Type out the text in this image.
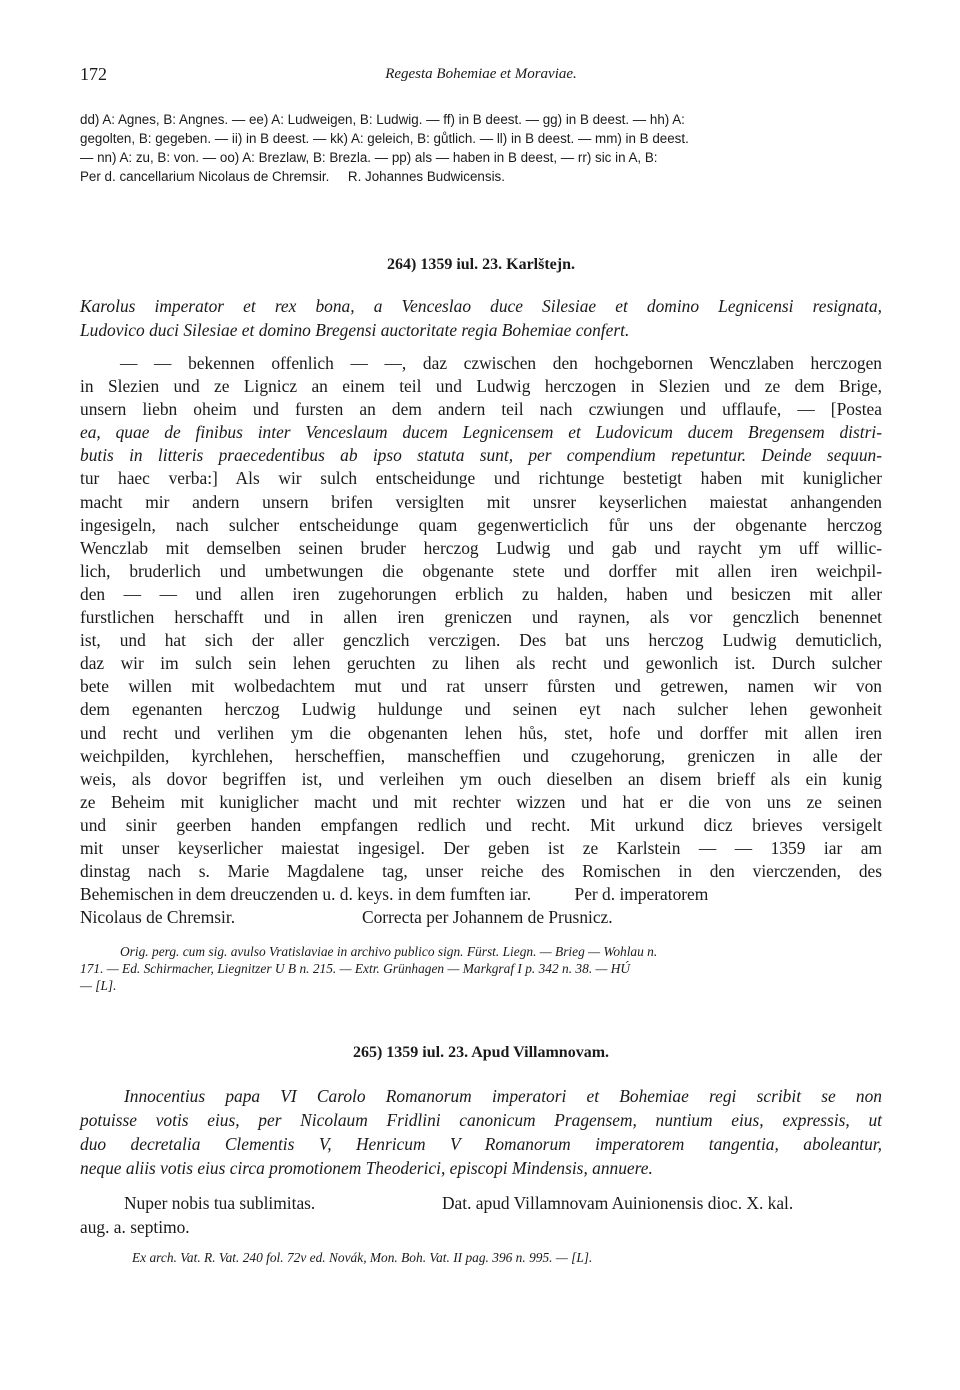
172	Regesta Bohemiae et Moraviae.
dd) A: Agnes, B: Angnes. — ee) A: Ludweigen, B: Ludwig. — ff) in B deest. — gg) in B deest. — hh) A:
gegolten, B: gegeben. — ii) in B deest. — kk) A: geleich, B: gůtlich. — ll) in B deest. — mm) in B deest.
— nn) A: zu, B: von. — oo) A: Brezlaw, B: Brezla. — pp) als — haben in B deest, — rr) sic in A, B:
Per d. cancellarium Nicolaus de Chremsir.     R. Johannes Budwicensis.
264) 1359 iul. 23. Karlštejn.
Karolus imperator et rex bona, a Venceslao duce Silesiae et domino Legnicensi resignata,
Ludovico duci Silesiae et domino Bregensi auctoritate regia Bohemiae confert.
— — bekennen offenlich — —, daz czwischen den hochgebornen Wenczlaben herczogen
in Slezien und ze Lignicz an einem teil und Ludwig herczogen in Slezien und ze dem Brige,
unsern liebn oheim und fursten an dem andern teil nach czwiungen und ufflaufe, — [Postea
ea, quae de finibus inter Venceslaum ducem Legnicensem et Ludovicum ducem Bregensem distri-
butis in litteris praecedentibus ab ipso statuta sunt, per compendium repetuntur. Deinde sequun-
tur haec verba:] Als wir sulch entscheidunge und richtunge bestetigt haben mit kuniglicher
macht mir andern unsern brifen versiglten mit unsrer keyserlichen maiestat anhangenden
ingesigeln, nach sulcher entscheidunge quam gegenwerticlich fůr uns der obgenante herczog
Wenczlab mit demselben seinen bruder herczog Ludwig und gab und raycht ym uff willic-
lich, bruderlich und umbetwungen die obgenante stete und dorffer mit allen iren weichpil-
den — — und allen iren zugehorungen erblich zu halden, haben und besiczen mit aller
furstlichen herschafft und in allen iren greniczen und raynen, als vor genczlich benennet
ist, und hat sich der aller genczlich verczigen. Des bat uns herczog Ludwig demuticlich,
daz wir im sulch sein lehen geruchten zu lihen als recht und gewonlich ist. Durch sulcher
bete willen mit wolbedachtem mut und rat unserr fůrsten und getrewen, namen wir von
dem egenanten herczog Ludwig huldunge und seinen eyt nach sulcher lehen gewonheit
und recht und verlihen ym die obgenanten lehen hůs, stet, hofe und dorffer mit allen iren
weichpilden, kyrchlehen, herscheffien, manscheffien und czugehorung, greniczen in alle der
weis, als dovor begriffen ist, und verleihen ym ouch dieselben an disem brieff als ein kunig
ze Beheim mit kuniglicher macht und mit rechter wizzen und hat er die von uns ze seinen
und sinir geerben handen empfangen redlich und recht. Mit urkund dicz brieves versigelt
mit unser keyserlicher maiestat ingesigel. Der geben ist ze Karlstein — — 1359 iar am
dinstag nach s. Marie Magdalene tag, unser reiche des Romischen in den vierczenden, des
Behemischen in dem dreuczenden u. d. keys. in dem fumften iar.          Per d. imperatorem
Nicolaus de Chremsir.	Correcta per Johannem de Prusnicz.
Orig. perg. cum sig. avulso Vratislaviae in archivo publico sign. Fürst. Liegn. — Brieg — Wohlau n.
171. — Ed. Schirmacher, Liegnitzer U B n. 215. — Extr. Grünhagen — Markgraf I p. 342 n. 38. — HÚ
— [L].
265) 1359 iul. 23. Apud Villamnovam.
Innocentius papa VI Carolo Romanorum imperatori et Bohemiae regi scribit se non
potuisse votis eius, per Nicolaum Fridlini canonicum Pragensem, nuntium eius, expressis, ut
duo decretalia Clementis V, Henricum V Romanorum imperatorem tangentia, aboleantur,
neque aliis votis eius circa promotionem Theoderici, episcopi Mindensis, annuere.
Nuper nobis tua sublimitas.	Dat. apud Villamnovam Auinionensis dioc. X. kal.
aug. a. septimo.
Ex arch. Vat. R. Vat. 240 fol. 72v ed. Novák, Mon. Boh. Vat. II pag. 396 n. 995. — [L].
